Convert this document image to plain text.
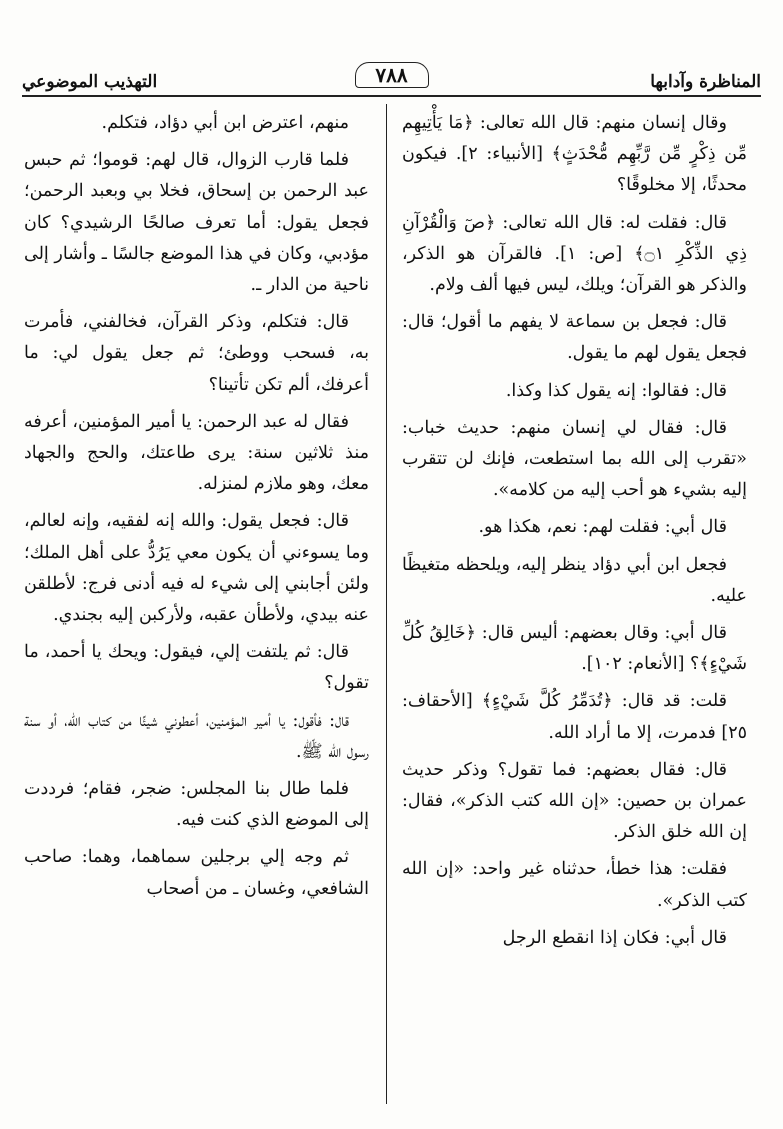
المناظرة وآدابها
٧٨٨
التهذيب الموضوعي

وقال إنسان منهم: قال الله تعالى: ﴿مَا يَأْتِيهِم مِّن ذِكْرٍ مِّن رَّبِّهِم مُّحْدَثٍ﴾ [الأنبياء: ٢]. فيكون محدثًا، إلا مخلوقًا؟

قال: فقلت له: قال الله تعالى: ﴿صٓ وَالْقُرْآنِ ذِي الذِّكْرِ ۝١﴾ [ص: ١]. فالقرآن هو الذكر، والذكر هو القرآن؛ ويلك، ليس فيها ألف ولام.

قال: فجعل بن سماعة لا يفهم ما أقول؛ قال: فجعل يقول لهم ما يقول.

قال: فقالوا: إنه يقول كذا وكذا.

قال: فقال لي إنسان منهم: حديث خباب: «تقرب إلى الله بما استطعت، فإنك لن تتقرب إليه بشيء هو أحب إليه من كلامه».

قال أبي: فقلت لهم: نعم، هكذا هو.

فجعل ابن أبي دؤاد ينظر إليه، ويلحظه متغيظًا عليه.

قال أبي: وقال بعضهم: أليس قال: ﴿خَالِقُ كُلِّ شَيْءٍ﴾؟ [الأنعام: ١٠٢].

قلت: قد قال: ﴿تُدَمِّرُ كُلَّ شَيْءٍ﴾ [الأحقاف: ٢٥] فدمرت، إلا ما أراد الله.

قال: فقال بعضهم: فما تقول؟ وذكر حديث عمران بن حصين: «إن الله كتب الذكر»، فقال: إن الله خلق الذكر.

فقلت: هذا خطأ، حدثناه غير واحد: «إن الله كتب الذكر».

قال أبي: فكان إذا انقطع الرجل

منهم، اعترض ابن أبي دؤاد، فتكلم.

فلما قارب الزوال، قال لهم: قوموا؛ ثم حبس عبد الرحمن بن إسحاق، فخلا بي وبعبد الرحمن؛ فجعل يقول: أما تعرف صالحًا الرشيدي؟ كان مؤدبي، وكان في هذا الموضع جالسًا ـ وأشار إلى ناحية من الدار ـ.

قال: فتكلم، وذكر القرآن، فخالفني، فأمرت به، فسحب ووطئ؛ ثم جعل يقول لي: ما أعرفك، ألم تكن تأتينا؟

فقال له عبد الرحمن: يا أمير المؤمنين، أعرفه منذ ثلاثين سنة: يرى طاعتك، والحج والجهاد معك، وهو ملازم لمنزله.

قال: فجعل يقول: والله إنه لفقيه، وإنه لعالم، وما يسوءني أن يكون معي يَرُدُّ على أهل الملك؛ ولئن أجابني إلى شيء له فيه أدنى فرج: لأطلقن عنه بيدي، ولأطأن عقبه، ولأركبن إليه بجندي.

قال: ثم يلتفت إلي، فيقول: ويحك يا أحمد، ما تقول؟

قال: فأقول: يا أمير المؤمنين، أعطوني شيئًا من كتاب الله، أو سنة رسول الله ﷺ.

فلما طال بنا المجلس: ضجر، فقام؛ فرددت إلى الموضع الذي كنت فيه.

ثم وجه إلي برجلين سماهما، وهما: صاحب الشافعي، وغسان ـ من أصحاب
